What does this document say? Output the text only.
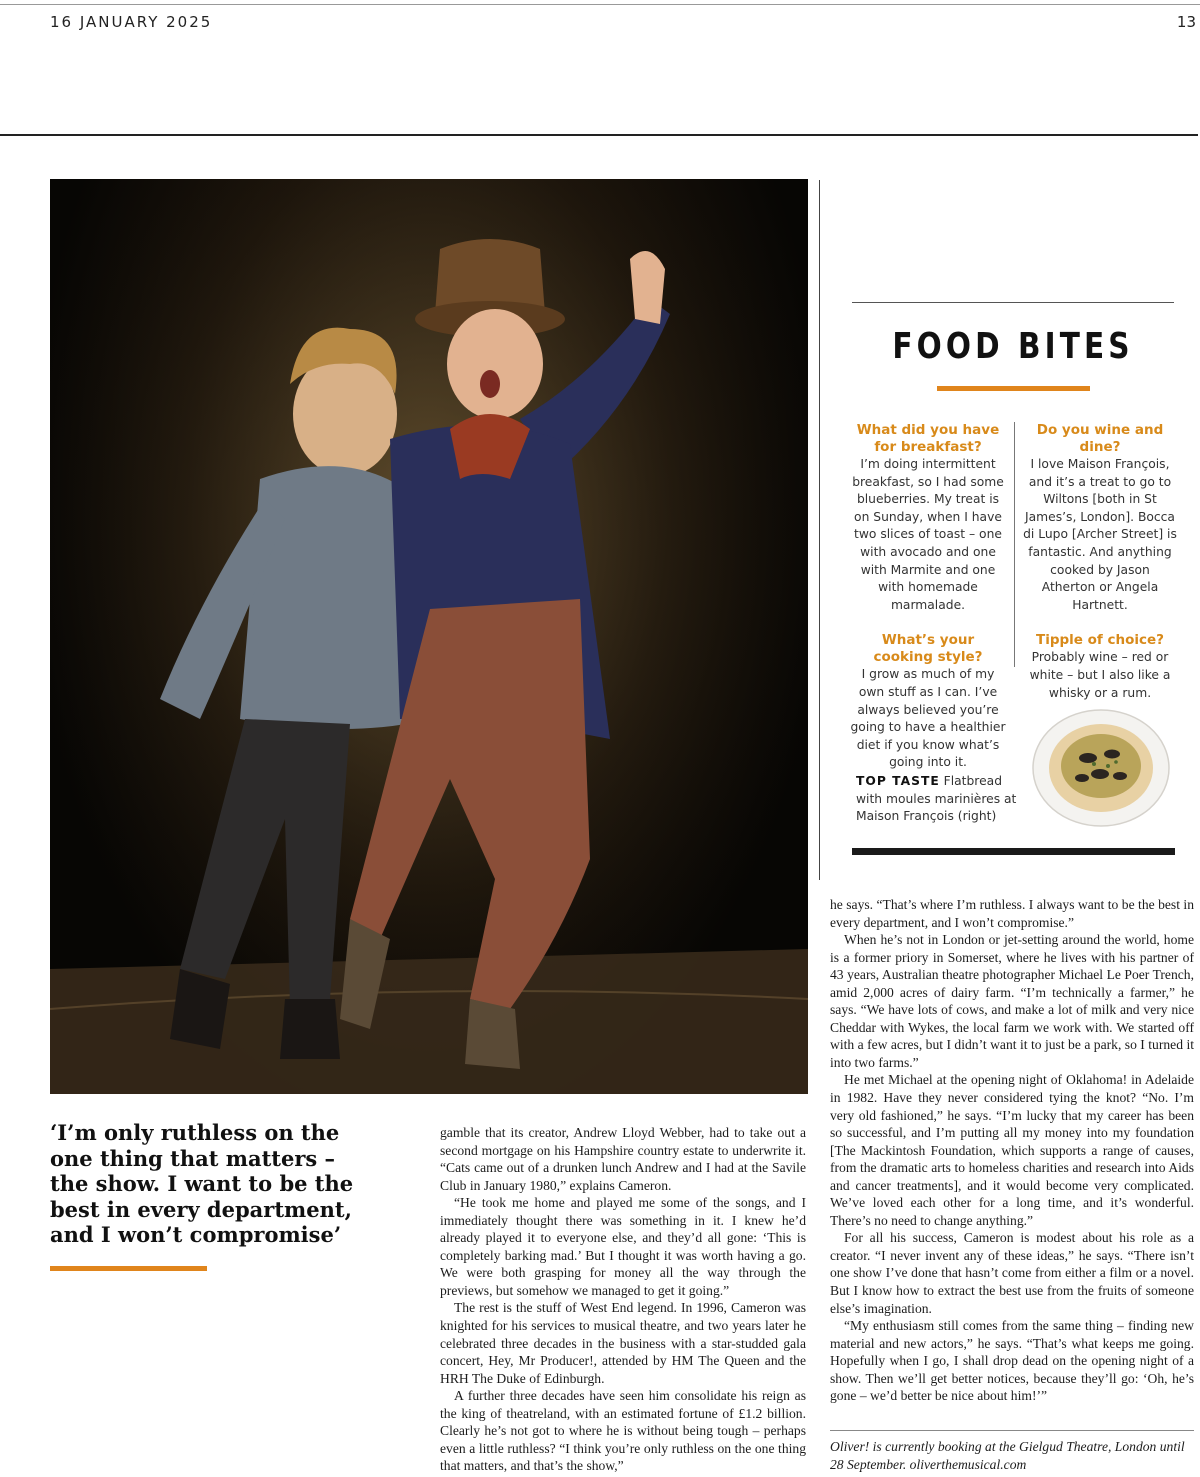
16 JANUARY 2025	13
FOOD BITES
What did you have for breakfast?
I’m doing intermittent breakfast, so I had some blueberries. My treat is on Sunday, when I have two slices of toast – one with avocado and one with Marmite and one with homemade marmalade.
What’s your cooking style?
I grow as much of my own stuff as I can. I’ve always believed you’re going to have a healthier diet if you know what’s going into it.
Do you wine and dine?
I love Maison François, and it’s a treat to go to Wiltons [both in St James’s, London]. Bocca di Lupo [Archer Street] is fantastic. And anything cooked by Jason Atherton or Angela Hartnett.
Tipple of choice?
Probably wine – red or white – but I also like a whisky or a rum.
TOP TASTE Flatbread with moules marinières at Maison François (right)
‘I’m only ruthless on the one thing that matters – the show. I want to be the best in every department, and I won’t compromise’

gamble that its creator, Andrew Lloyd Webber, had to take out a second mortgage on his Hampshire country estate to underwrite it. “Cats came out of a drunken lunch Andrew and I had at the Savile Club in January 1980,” explains Cameron.

“He took me home and played me some of the songs, and I immediately thought there was something in it. I knew he’d already played it to everyone else, and they’d all gone: ‘This is completely barking mad.’ But I thought it was worth having a go. We were both grasping for money all the way through the previews, but somehow we managed to get it going.”

The rest is the stuff of West End legend. In 1996, Cameron was knighted for his services to musical theatre, and two years later he celebrated three decades in the business with a star-studded gala concert, Hey, Mr Producer!, attended by HM The Queen and the HRH The Duke of Edinburgh.

A further three decades have seen him consolidate his reign as the king of theatreland, with an estimated fortune of £1.2 billion. Clearly he’s not got to where he is without being tough – perhaps even a little ruthless? “I think you’re only ruthless on the one thing that matters, and that’s the show,”

he says. “That’s where I’m ruthless. I always want to be the best in every department, and I won’t compromise.”

When he’s not in London or jet-setting around the world, home is a former priory in Somerset, where he lives with his partner of 43 years, Australian theatre photographer Michael Le Poer Trench, amid 2,000 acres of dairy farm. “I’m technically a farmer,” he says. “We have lots of cows, and make a lot of milk and very nice Cheddar with Wykes, the local farm we work with. We started off with a few acres, but I didn’t want it to just be a park, so I turned it into two farms.”

He met Michael at the opening night of Oklahoma! in Adelaide in 1982. Have they never considered tying the knot? “No. I’m very old fashioned,” he says. “I’m lucky that my career has been so successful, and I’m putting all my money into my foundation [The Mackintosh Foundation, which supports a range of causes, from the dramatic arts to homeless charities and research into Aids and cancer treatments], and it would become very complicated. We’ve loved each other for a long time, and it’s wonderful. There’s no need to change anything.”

For all his success, Cameron is modest about his role as a creator. “I never invent any of these ideas,” he says. “There isn’t one show I’ve done that hasn’t come from either a film or a novel. But I know how to extract the best use from the fruits of someone else’s imagination.

“My enthusiasm still comes from the same thing – finding new material and new actors,” he says. “That’s what keeps me going. Hopefully when I go, I shall drop dead on the opening night of a show. Then we’ll get better notices, because they’ll go: ‘Oh, he’s gone – we’d better be nice about him!’”

Oliver! is currently booking at the Gielgud Theatre, London until 28 September. oliverthemusical.com
